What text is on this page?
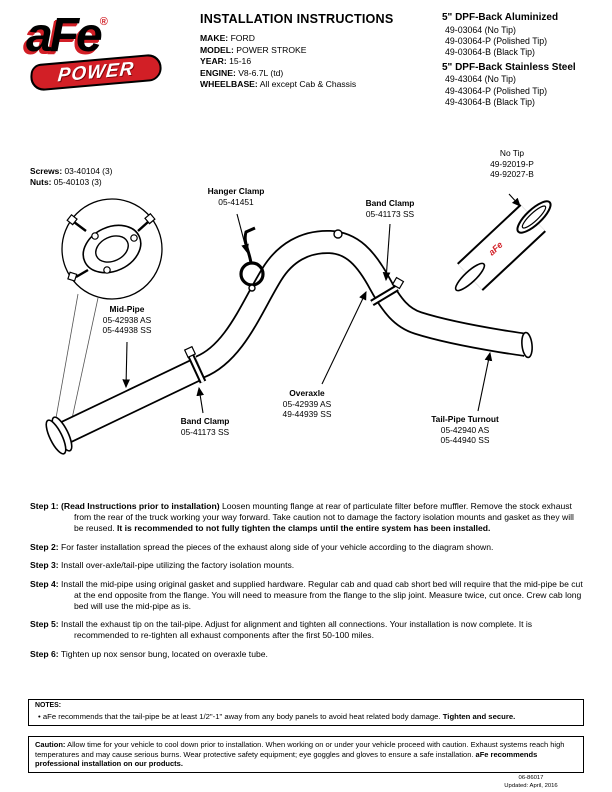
aFe®
POWER
INSTALLATION INSTRUCTIONS
MAKE: FORD
MODEL: POWER STROKE
YEAR: 15-16
ENGINE: V8-6.7L (td)
WHEELBASE: All except Cab & Chassis
5" DPF-Back Aluminized
49-03064 (No Tip)
49-03064-P (Polished Tip)
49-03064-B (Black Tip)
5" DPF-Back Stainless Steel
49-43064 (No Tip)
49-43064-P (Polished Tip)
49-43064-B (Black Tip)
aFe
Screws: 03-40104 (3)
Nuts: 05-40103 (3)
Hanger Clamp
05-41451	Band Clamp
05-41173 SS
No Tip
49-92019-P
49-92027-B
Mid-Pipe
05-42938 AS
05-44938 SS
Band Clamp
05-41173 SS
Overaxle
05-42939 AS
49-44939 SS	Tail-Pipe Turnout
05-42940 AS
05-44940 SS

Step 1: (Read Instructions prior to installation) Loosen mounting flange at rear of particulate filter before muffler. Remove the stock exhaust from the rear of the truck working your way forward. Take caution not to damage the factory isolation mounts and gasket as they will be reused. It is recommended to not fully tighten the clamps until the entire system has been installed.

Step 2: For faster installation spread the pieces of the exhaust along side of your vehicle according to the diagram shown.

Step 3: Install over-axle/tail-pipe utilizing the factory isolation mounts.

Step 4: Install the mid-pipe using original gasket and supplied hardware. Regular cab and quad cab short bed will require that the mid-pipe be cut at the end opposite from the flange. You will need to measure from the flange to the slip joint. Measure twice, cut once. Crew cab long bed will use the mid-pipe as is.

Step 5: Install the exhaust tip on the tail-pipe. Adjust for alignment and tighten all connections. Your installation is now complete. It is recommended to re-tighten all exhaust components after the first 50-100 miles.

Step 6: Tighten up nox sensor bung, located on overaxle tube.

NOTES:
• aFe recommends that the tail-pipe be at least 1/2"-1" away from any body panels to avoid heat related body damage. Tighten and secure.
Caution: Allow time for your vehicle to cool down prior to installation. When working on or under your vehicle proceed with caution. Exhaust systems reach high temperatures and may cause serious burns. Wear protective safety equipment; eye goggles and gloves to ensure a safe installation. aFe recommends professional installation on our products.
06-86017
Updated: April, 2016
